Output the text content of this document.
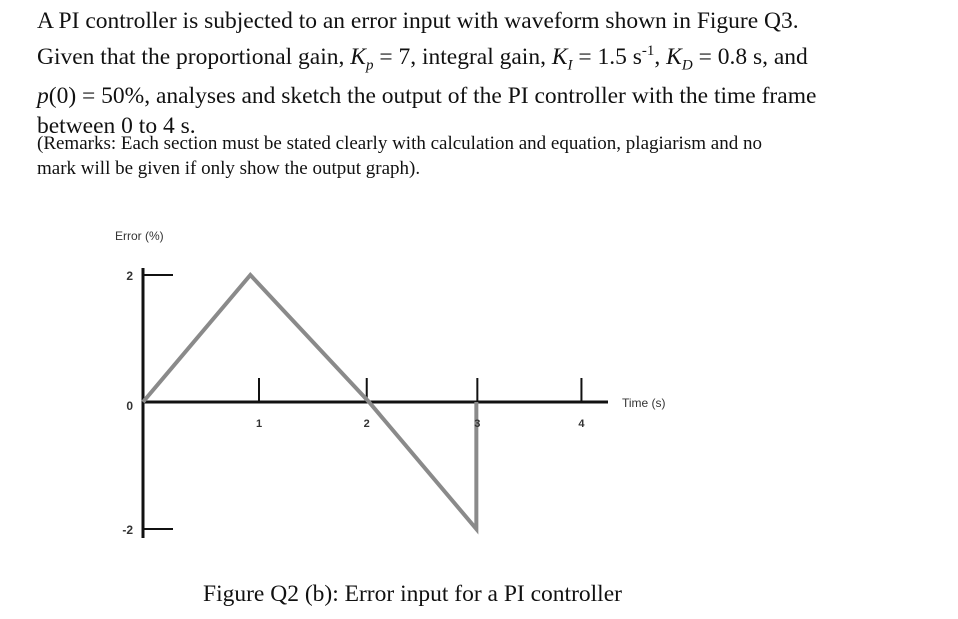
A PI controller is subjected to an error input with waveform shown in Figure Q3.

Given that the proportional gain, $K_p = 7$, integral gain, $K_I = 1.5$ $s^{-1}$, $K_D = 0.8$ s, and

p(0) = 50%, analyses and sketch the output of the PI controller with the time frame

between 0 to 4 s.

(Remarks: Each section must be stated clearly with calculation and equation, plagiarism and no
mark will be given if only show the output graph).
2
0
-2
1	2	3	4
Error (%)
Time (s)
Figure Q2 (b): Error input for a PI controller
